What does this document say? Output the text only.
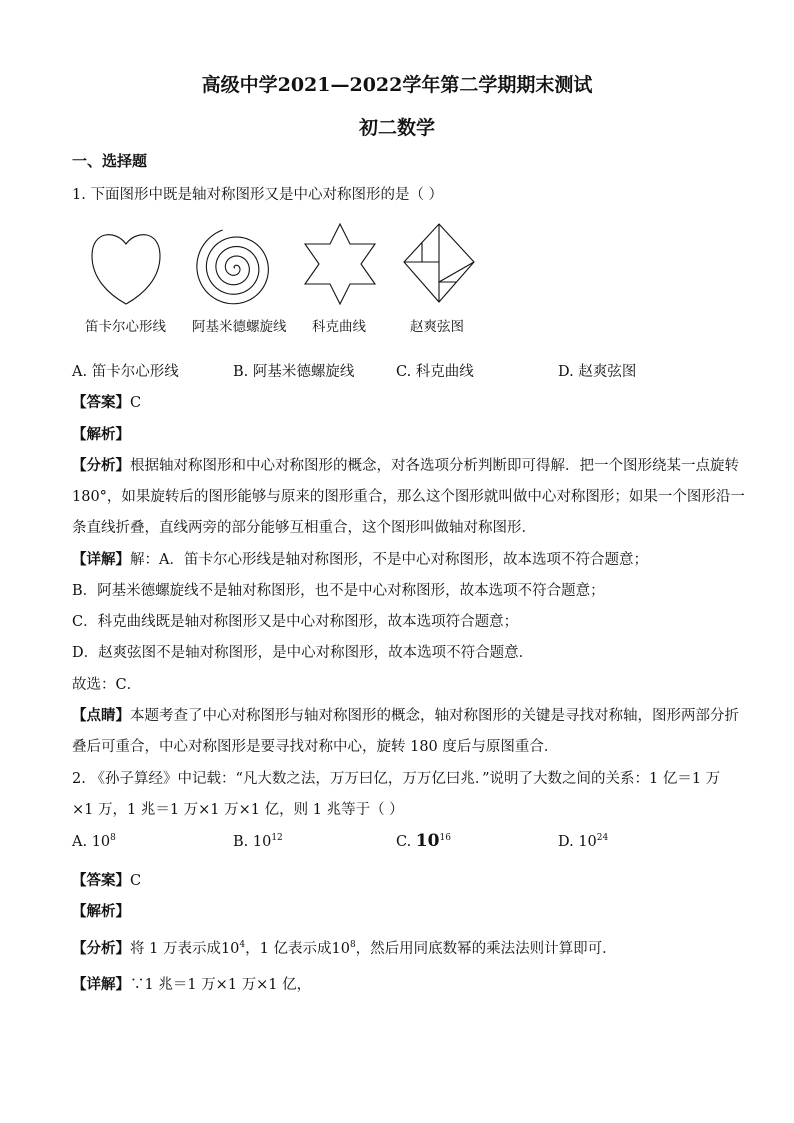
高级中学2021—2022学年第二学期期末测试
初二数学
一、选择题
1. 下面图形中既是轴对称图形又是中心对称图形的是（ ）
笛卡尔心形线 阿基米德螺旋线 科克曲线	赵爽弦图
A. 笛卡尔心形线	B. 阿基米德螺旋线	C. 科克曲线	D. 赵爽弦图
【答案】C
【解析】
【分析】根据轴对称图形和中心对称图形的概念，对各选项分析判断即可得解．把一个图形绕某一点旋转
180°，如果旋转后的图形能够与原来的图形重合，那么这个图形就叫做中心对称图形；如果一个图形沿一
条直线折叠，直线两旁的部分能够互相重合，这个图形叫做轴对称图形．
【详解】解：A．笛卡尔心形线是轴对称图形，不是中心对称图形，故本选项不符合题意；
B．阿基米德螺旋线不是轴对称图形，也不是中心对称图形，故本选项不符合题意；
C．科克曲线既是轴对称图形又是中心对称图形，故本选项符合题意；
D．赵爽弦图不是轴对称图形，是中心对称图形，故本选项不符合题意．
故选：C．
【点睛】本题考查了中心对称图形与轴对称图形的概念，轴对称图形的关键是寻找对称轴，图形两部分折
叠后可重合，中心对称图形是要寻找对称中心，旋转 180 度后与原图重合．
2. 《孙子算经》中记载：“凡大数之法，万万曰亿，万万亿曰兆．”说明了大数之间的关系：1 亿＝1 万
×1 万，1 兆＝1 万×1 万×1 亿，则 1 兆等于（ ）
A. $10^8$	B. $10^{12}$	C. $10^{16}$	D. $10^{24}$
【答案】C
【解析】
【分析】将 1 万表示成$10^4$，1 亿表示成$10^8$，然后用同底数幂的乘法法则计算即可．
【详解】∵1 兆＝1 万×1 万×1 亿，
